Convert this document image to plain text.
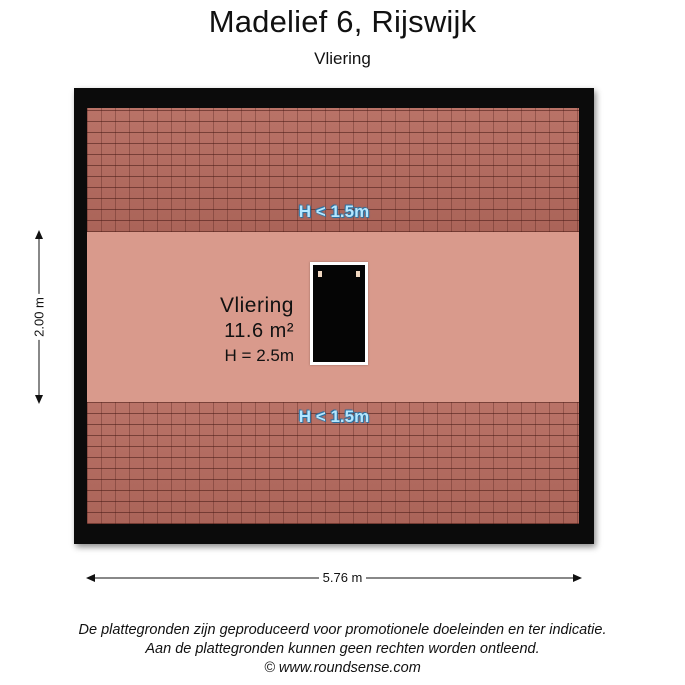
Madelief 6, Rijswijk
Vliering
H < 1.5m
H < 1.5m
Vliering
11.6 m²
H = 2.5m
2.00 m
5.76 m
De plattegronden zijn geproduceerd voor promotionele doeleinden en ter indicatie.
Aan de plattegronden kunnen geen rechten worden ontleend.
© www.roundsense.com
